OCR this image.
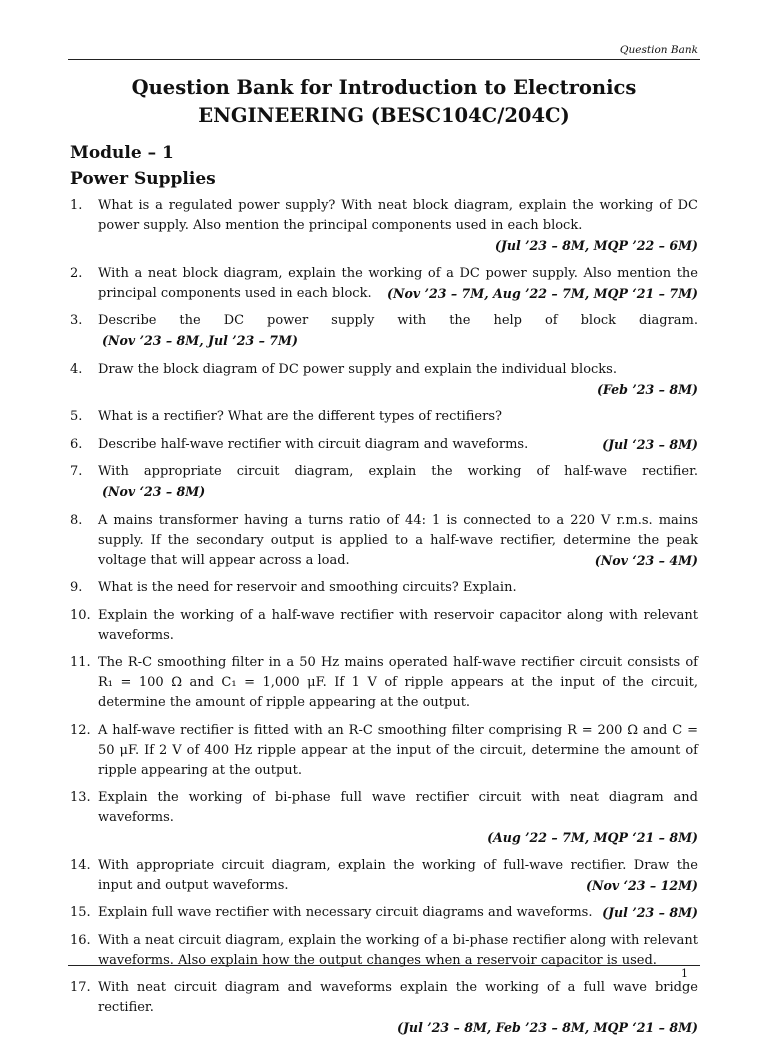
Question Bank
Question Bank for Introduction to Electronics
ENGINEERING (BESC104C/204C)
Module – 1
Power Supplies
1. What is a regulated power supply? With neat block diagram, explain the working of DC power supply. Also mention the principal components used in each block.
(Jul ’23 – 8M, MQP ’22 – 6M)
2. With a neat block diagram, explain the working of a DC power supply. Also mention the principal components used in each block. (Nov ’23 – 7M, Aug ’22 – 7M, MQP ‘21 – 7M)
3. Describe the DC power supply with the help of block diagram.(Nov ’23 – 8M, Jul ’23 – 7M)
4. Draw the block diagram of DC power supply and explain the individual blocks.
(Feb ’23 – 8M)
5. What is a rectifier? What are the different types of rectifiers?
6. Describe half-wave rectifier with circuit diagram and waveforms.	(Jul ‘23 – 8M)
7. With appropriate circuit diagram, explain the working of half-wave rectifier.(Nov ‘23 – 8M)
8. A mains transformer having a turns ratio of 44: 1 is connected to a 220 V r.m.s. mains supply. If the secondary output is applied to a half-wave rectifier, determine the peak voltage that will appear across a load.	(Nov ‘23 – 4M)
9. What is the need for reservoir and smoothing circuits? Explain.
10. Explain the working of a half-wave rectifier with reservoir capacitor along with relevant waveforms.
11. The R-C smoothing filter in a 50 Hz mains operated half-wave rectifier circuit consists of R₁ = 100 Ω and C₁ = 1,000 μF. If 1 V of ripple appears at the input of the circuit, determine the amount of ripple appearing at the output.
12. A half-wave rectifier is fitted with an R-C smoothing filter comprising R = 200 Ω and C = 50 μF. If 2 V of 400 Hz ripple appear at the input of the circuit, determine the amount of ripple appearing at the output.
13. Explain the working of bi-phase full wave rectifier circuit with neat diagram and waveforms.
(Aug ’22 – 7M, MQP ‘21 – 8M)
14. With appropriate circuit diagram, explain the working of full-wave rectifier. Draw the input and output waveforms.	(Nov ‘23 – 12M)
15. Explain full wave rectifier with necessary circuit diagrams and waveforms. (Jul ’23 – 8M)
16. With a neat circuit diagram, explain the working of a bi-phase rectifier along with relevant waveforms. Also explain how the output changes when a reservoir capacitor is used.
17. With neat circuit diagram and waveforms explain the working of a full wave bridge rectifier.
(Jul ’23 – 8M, Feb ’23 – 8M, MQP ‘21 – 8M)
1
